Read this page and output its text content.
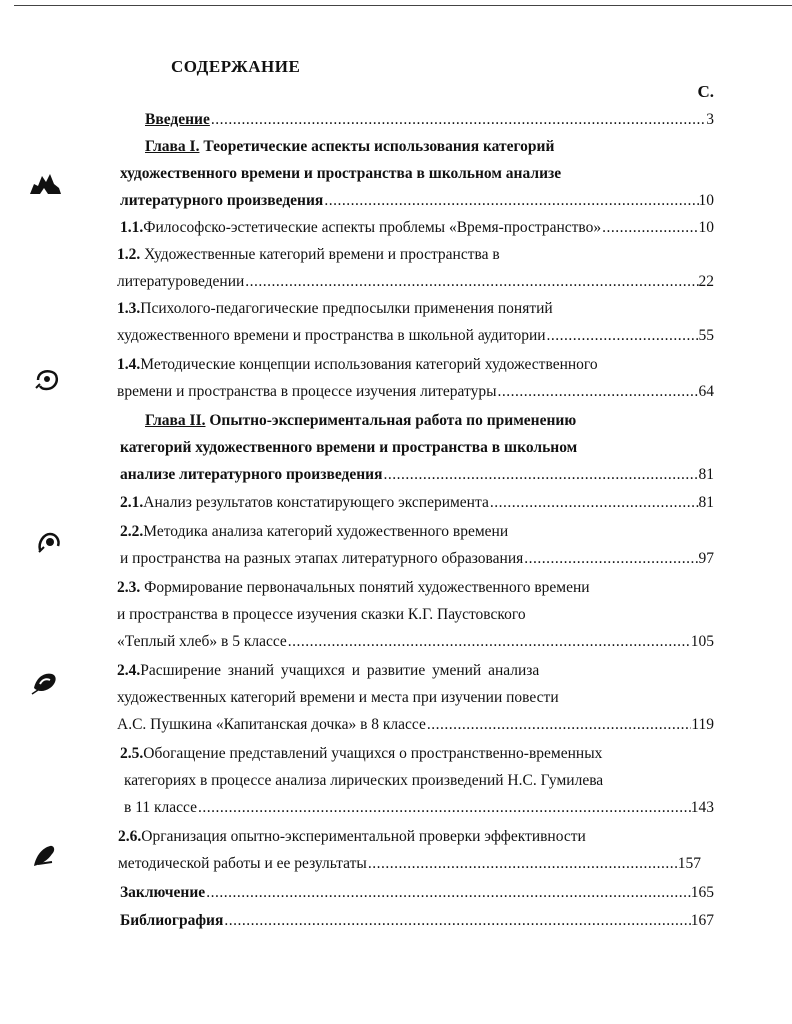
СОДЕРЖАНИЕ
С.
Введение .....	3
Глава I.
Теоретические аспекты использования категорий
художественного времени и пространства в школьном анализе
литературного произведения .....	10
1.1. Философско-эстетические аспекты проблемы «Время-пространство» .....	10
1.2.
Художественные категорий времени и пространства в
литературоведении .....	22
1.3. Психолого-педагогические предпосылки применения понятий
художественного времени и пространства в школьной аудитории .....	55
1.4. Методические концепции использования категорий художественного
времени и пространства в процессе изучения литературы .....	64
Глава II.
Опытно-экспериментальная работа по применению
категорий художественного времени и пространства в школьном
анализе литературного произведения .....	81
2.1. Анализ результатов констатирующего эксперимента .....	81
2.2. Методика анализа категорий художественного времени
и пространства на разных этапах литературного образования .....	97
2.3.
Формирование первоначальных понятий художественного времени
и пространства в процессе изучения сказки К.Г. Паустовского
«Теплый хлеб» в 5 классе .....	105
2.4. Расширение знаний учащихся и развитие умений анализа
художественных категорий времени и места при изучении повести
А.С. Пушкина «Капитанская дочка» в 8 классе .....	119
2.5. Обогащение представлений учащихся о пространственно-временных
категориях в процессе анализа лирических произведений Н.С. Гумилева
в 11 классе .....	143
2.6. Организация опытно-экспериментальной проверки эффективности
методической работы и ее результаты .....	157
Заключение .....	165
Библиография .....	167
